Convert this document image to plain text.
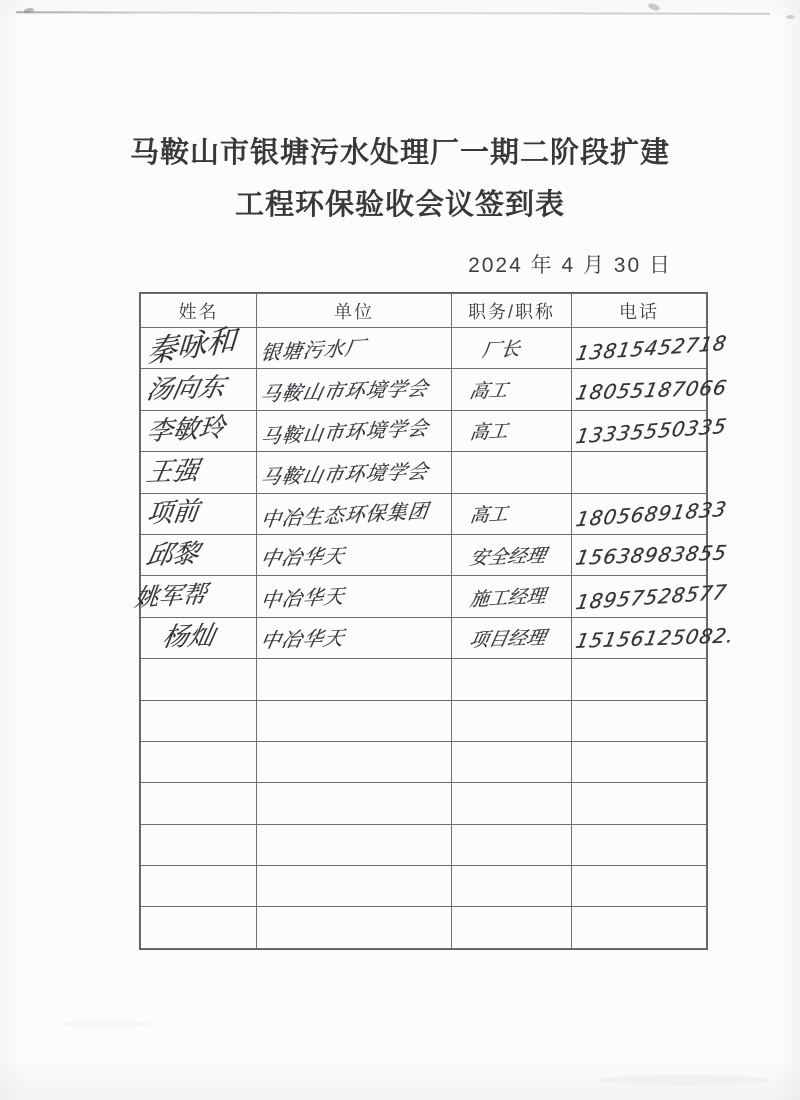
马鞍山市银塘污水处理厂一期二阶段扩建
工程环保验收会议签到表
2024 年 4 月 30 日
姓名	单位	职务/职称	电话
秦咏和	银塘污水厂	厂长	13815452718
汤向东	马鞍山市环境学会	高工	18055187066
李敏玲	马鞍山市环境学会	高工	13335550335
王强	马鞍山市环境学会		
项前	中冶生态环保集团	高工	18056891833
邱黎	中冶华天	安全经理	15638983855
姚军帮	中冶华天	施工经理	18957528577
杨灿	中冶华天	项目经理	15156125082.
